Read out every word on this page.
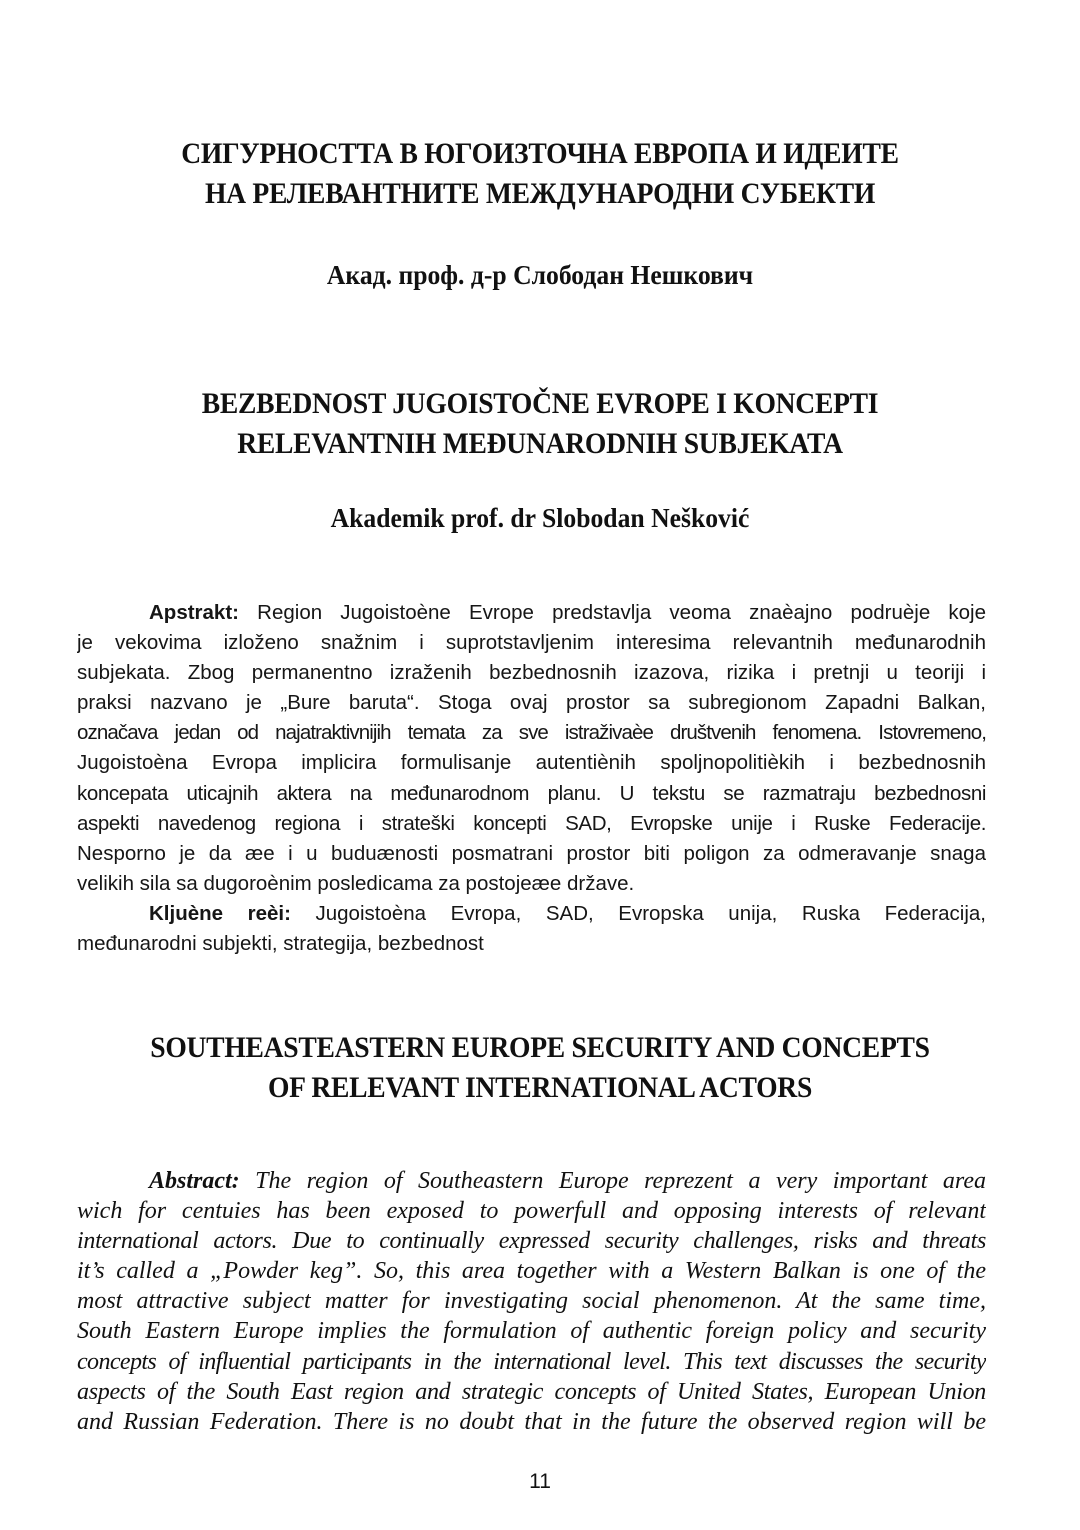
СИГУРНОСТТА В ЮГОИЗТОЧНА ЕВРОПА И ИДЕИТЕ
НА РЕЛЕВАНТНИТЕ МЕЖДУНАРОДНИ СУБЕКТИ
Акад. проф. д-р Слободан Нешкович
BEZBEDNOST JUGOISTOČNE EVROPE I KONCEPTI
RELEVANTNIH MEĐUNARODNIH SUBJEKATA
Akademik prof. dr Slobodan Nešković
Apstrakt: Region Jugoistoène Evrope predstavlja veoma znaèajno podruèje koje
je vekovima izloženo snažnim i suprotstavljenim interesima relevantnih međunarodnih
subjekata. Zbog permanentno izraženih bezbednosnih izazova, rizika i pretnji u teoriji i
praksi nazvano je „Bure baruta“. Stoga ovaj prostor sa subregionom Zapadni Balkan,
označava jedan od najatraktivnijih temata za sve istraživaèe društvenih fenomena. Istovremeno,
Jugoistoèna Evropa implicira formulisanje autentiènih spoljnopolitièkih i bezbednosnih
koncepata uticajnih aktera na međunarodnom planu. U tekstu se razmatraju bezbednosni
aspekti navedenog regiona i strateški koncepti SAD, Evropske unije i Ruske Federacije.
Nesporno je da æe i u buduænosti posmatrani prostor biti poligon za odmeravanje snaga
velikih sila sa dugoroènim posledicama za postojeæe države.
Kljuène reèi: Jugoistoèna Evropa, SAD, Evropska unija, Ruska Federacija,
međunarodni subjekti, strategija, bezbednost
SOUTHEASTEASTERN EUROPE SECURITY AND CONCEPTS
OF RELEVANT INTERNATIONAL ACTORS
Abstract: The region of Southeastern Europe reprezent a very important area
wich for centuies has been exposed to powerfull and opposing interests of relevant
international actors. Due to continually expressed security challenges, risks and threats
it’s called a „Powder keg”. So, this area together with a Western Balkan is one of the
most attractive subject matter for investigating social phenomenon. At the same time,
South Eastern Europe implies the formulation of authentic foreign policy and security
concepts of influential participants in the international level. This text discusses the security
aspects of the South East region and strategic concepts of United States, European Union
and Russian Federation. There is no doubt that in the future the observed region will be
11
